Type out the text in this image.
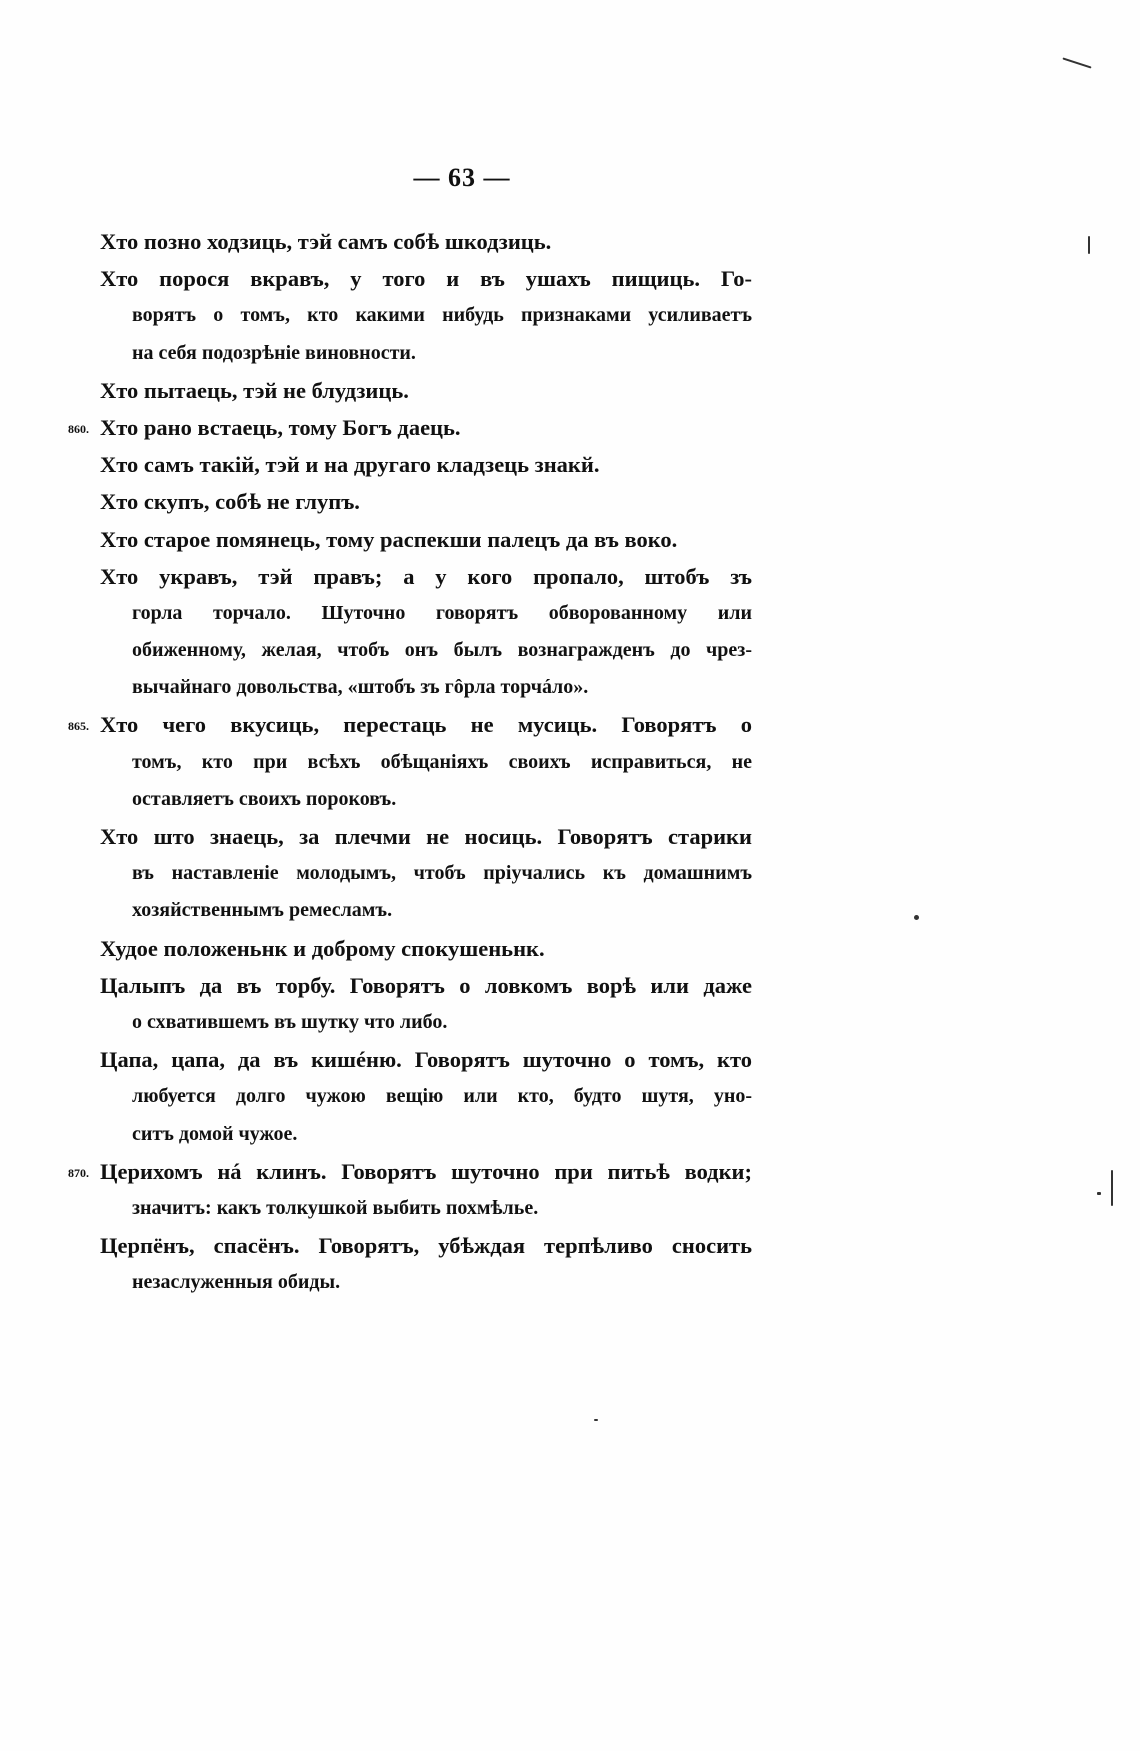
— 63 —
Хто позно ходзиць, тэй самъ собѣ шкодзиць.
Хто порося вкравъ, у того и въ ушахъ пищиць. Го-
ворятъ о томъ, кто какими нибудь признаками усиливаетъ
на себя подозрѣніе виновности.
Хто пытаець, тэй не блудзиць.
860. Хто рано встаець, тому Богъ даець.
Хто самъ такій, тэй и на другаго кладзець знакй.
Хто скупъ, собѣ не глупъ.
Хто старое помянець, тому распекши палецъ да въ воко.
Хто укравъ, тэй правъ; а у кого пропало, штобъ зъ
горла торчало. Шуточно говорятъ обворованному или
обиженному, желая, чтобъ онъ былъ вознагражденъ до чрез-
вычайнаго довольства, «штобъ зъ гôрла торчáло».
865. Хто чего вкусиць, перестаць не мусиць. Говорятъ о
томъ, кто при всѣхъ обѣщаніяхъ своихъ исправиться, не
оставляетъ своихъ пороковъ.
Хто што знаець, за плечми не носиць. Говорятъ старики
въ наставленіе молодымъ, чтобъ пріучались къ домашнимъ
хозяйственнымъ ремесламъ.
Худое положеньнк и доброму спокушеньнк.
Цалыпъ да въ торбу. Говорятъ о ловкомъ ворѣ или даже
о схватившемъ въ шутку что либо.
Цапа, цапа, да въ кишéню. Говорятъ шуточно о томъ, кто
любуется долго чужою вещію или кто, будто шутя, уно-
ситъ домой чужое.
870. Церихомъ нá клинъ. Говорятъ шуточно при питьѣ водки;
значитъ: какъ толкушкой выбить похмѣлье.
Церпёнъ, спасёнъ. Говорятъ, убѣждая терпѣливо сносить
незаслуженныя обиды.
